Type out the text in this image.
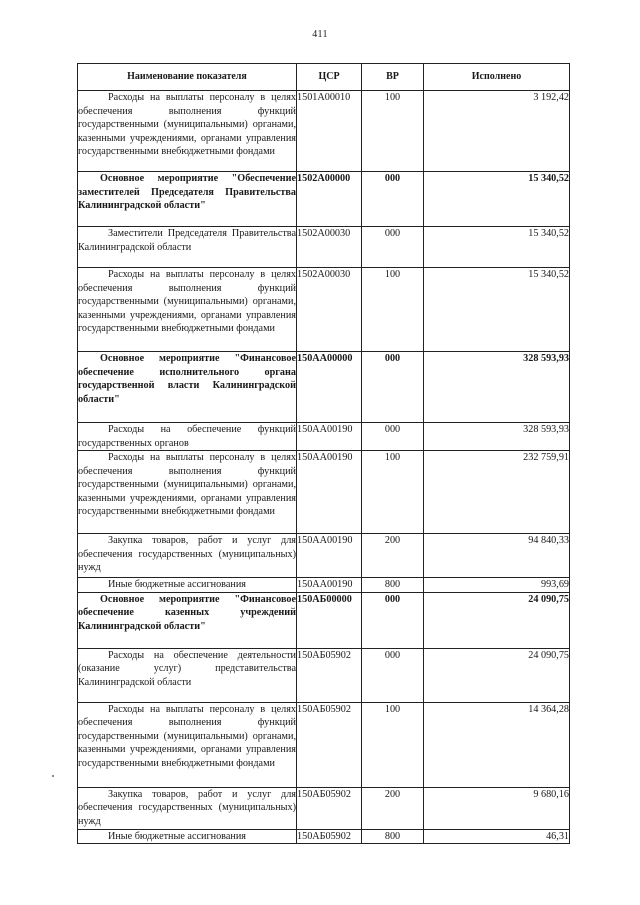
411
Наименование показателя	ЦСР	ВР	Исполнено
Расходы на выплаты персоналу в целях обеспечения выполнения функций государственными (муниципальными) органами, казенными учреждениями, органами управления государственными внебюджетными фондами	1501А00010	100	3 192,42
Основное мероприятие "Обеспечение заместителей Председателя Правительства Калининградской области"	1502А00000	000	15 340,52
Заместители Председателя Правительства Калининградской области	1502А00030	000	15 340,52
Расходы на выплаты персоналу в целях обеспечения выполнения функций государственными (муниципальными) органами, казенными учреждениями, органами управления государственными внебюджетными фондами	1502А00030	100	15 340,52
Основное мероприятие "Финансовое обеспечение исполнительного органа государственной власти Калининградской области"	150АА00000	000	328 593,93
Расходы на обеспечение функций государственных органов	150АА00190	000	328 593,93
Расходы на выплаты персоналу в целях обеспечения выполнения функций государственными (муниципальными) органами, казенными учреждениями, органами управления государственными внебюджетными фондами	150АА00190	100	232 759,91
Закупка товаров, работ и услуг для обеспечения государственных (муниципальных) нужд	150АА00190	200	94 840,33
Иные бюджетные ассигнования	150АА00190	800	993,69
Основное мероприятие "Финансовое обеспечение казенных учреждений Калининградской области"	150АБ00000	000	24 090,75
Расходы на обеспечение деятельности (оказание услуг) представительства Калининградской области	150АБ05902	000	24 090,75
Расходы на выплаты персоналу в целях обеспечения выполнения функций государственными (муниципальными) органами, казенными учреждениями, органами управления государственными внебюджетными фондами	150АБ05902	100	14 364,28
Закупка товаров, работ и услуг для обеспечения государственных (муниципальных) нужд	150АБ05902	200	9 680,16
Иные бюджетные ассигнования	150АБ05902	800	46,31
